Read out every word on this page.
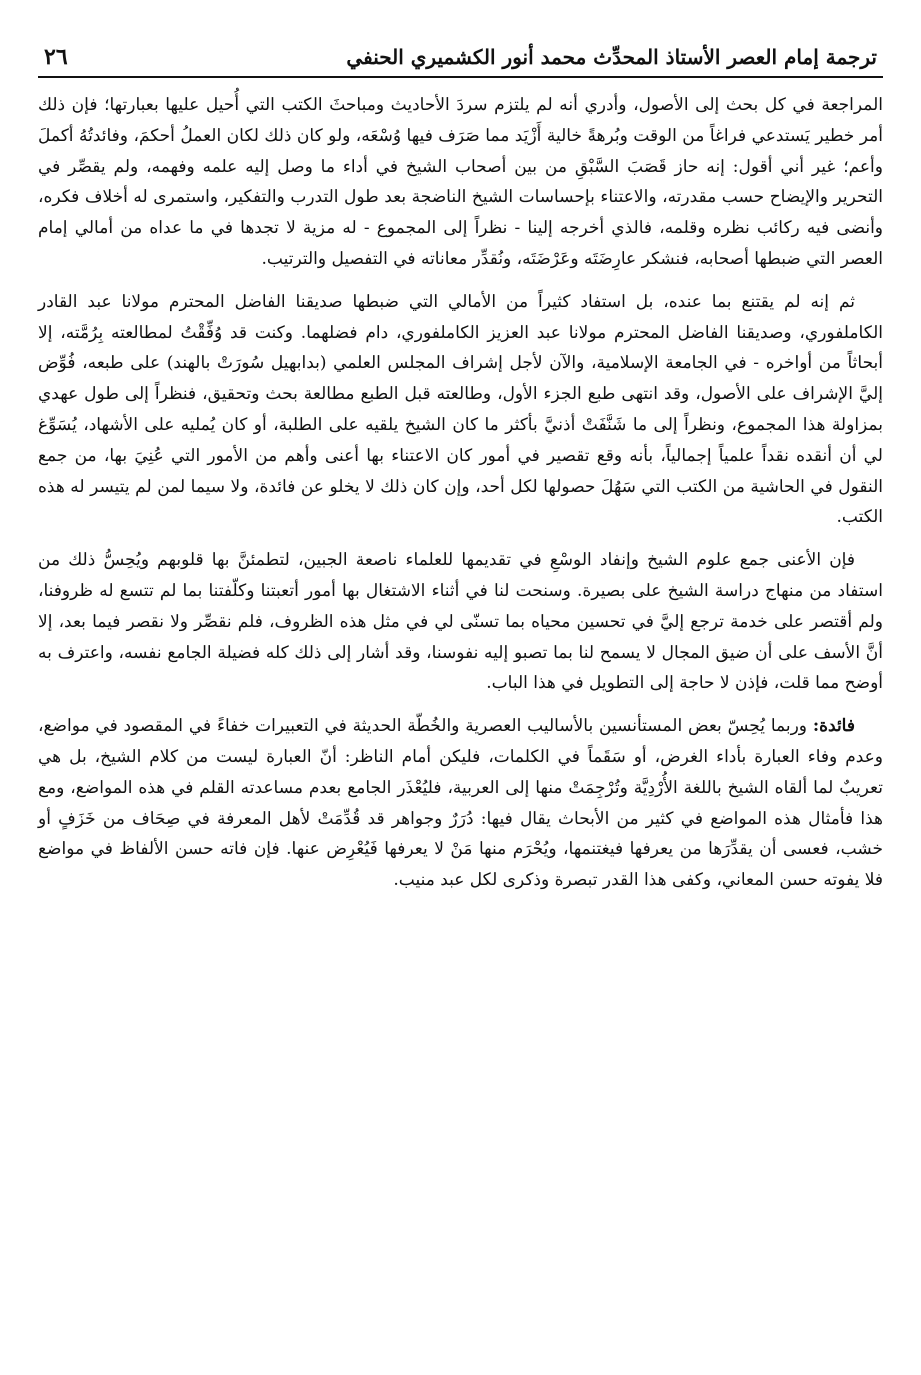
ترجمة إمام العصر الأستاذ المحدِّث محمد أنور الكشميري الحنفي
٢٦

المراجعة في كل بحث إلى الأصول، وأدري أنه لم يلتزم سردَ الأحاديث ومباحثَ الكتب التي أُحيل عليها بعبارتها؛ فإن ذلك أمر خطير يَستدعي فراغاً من الوقت وبُرهةً خالية أَزْيَد مما صَرَف فيها وُسْعَه، ولو كان ذلك لكان العملُ أحكمَ، وفائدتُهُ أكملَ وأعم؛ غير أني أقول: إنه حاز قَصَبَ السَّبْقِ من بين أصحاب الشيخ في أداء ما وصل إليه علمه وفهمه، ولم يقصِّر في التحرير والإيضاح حسب مقدرته، والاعتناء بإحساسات الشيخ الناضجة بعد طول التدرب والتفكير، واستمرى له أخلاف فكره، وأنضى فيه ركائب نظره وقلمه، فالذي أخرجه إلينا - نظراً إلى المجموع - له مزية لا تجدها في ما عداه من أمالي إمام العصر التي ضبطها أصحابه، فنشكر عارِضَتَه وعَرْضَتَه، ونُقدِّر معاناته في التفصيل والترتيب.

ثم إنه لم يقتنع بما عنده، بل استفاد كثيراً من الأمالي التي ضبطها صديقنا الفاضل المحترم مولانا عبد القادر الكاملفوري، وصديقنا الفاضل المحترم مولانا عبد العزيز الكاملفوري، دام فضلهما. وكنت قد وُفِّقْتُ لمطالعته بِرُمَّته، إلا أبحاثاً من أواخره - في الجامعة الإسلامية، والآن لأجل إشراف المجلس العلمي (بدابهيل سُورَتْ بالهند) على طبعه، فُوِّض إليَّ الإشراف على الأصول، وقد انتهى طبع الجزء الأول، وطالعته قبل الطبع مطالعة بحث وتحقيق، فنظراً إلى طول عهدي بمزاولة هذا المجموع، ونظراً إلى ما شَنَّفَتْ أذنيَّ بأكثر ما كان الشيخ يلقيه على الطلبة، أو كان يُمليه على الأشهاد، يُسَوِّغ لي أن أنقده نقداً علمياً إجمالياً، بأنه وقع تقصير في أمور كان الاعتناء بها أعنى وأهم من الأمور التي عُنِيَ بها، من جمع النقول في الحاشية من الكتب التي سَهُلَ حصولها لكل أحد، وإن كان ذلك لا يخلو عن فائدة، ولا سيما لمن لم يتيسر له هذه الكتب.

فإن الأعنى جمع علوم الشيخ وإنفاد الوسْعِ في تقديمها للعلماء ناصعة الجبين، لتطمئنَّ بها قلوبهم ويُحِسُّ ذلك من استفاد من منهاج دراسة الشيخ على بصيرة. وسنحت لنا في أثناء الاشتغال بها أمور أتعبتنا وكلّفتنا بما لم تتسع له ظروفنا، ولم أقتصر على خدمة ترجع إليَّ في تحسين محياه بما تسنّى لي في مثل هذه الظروف، فلم نقصِّر ولا نقصر فيما بعد، إلا أنَّ الأسف على أن ضيق المجال لا يسمح لنا بما تصبو إليه نفوسنا، وقد أشار إلى ذلك كله فضيلة الجامع نفسه، واعترف به أوضح مما قلت، فإذن لا حاجة إلى التطويل في هذا الباب.

فائدة: وربما يُحِسّ بعض المستأنسين بالأساليب العصرية والخُطّة الحديثة في التعبيرات خفاءً في المقصود في مواضع، وعدم وفاء العبارة بأداء الغرض، أو سَقَماً في الكلمات، فليكن أمام الناظر: أنّ العبارة ليست من كلام الشيخ، بل هي تعريبٌ لما ألقاه الشيخ باللغة الأُرْدِيَّة وتُرْجِمَتْ منها إلى العربية، فليُعْذَر الجامع بعدم مساعدته القلم في هذه المواضع، ومع هذا فأمثال هذه المواضع في كثير من الأبحاث يقال فيها: دُرَرٌ وجواهر قد قُدِّمَتْ لأهل المعرفة في صِحَاف من خَزَفٍ أو خشب، فعسى أن يقدِّرَها من يعرفها فيغتنمها، ويُحْرَم منها مَنْ لا يعرفها فَيُعْرِض عنها. فإن فاته حسن الألفاظ في مواضع فلا يفوته حسن المعاني، وكفى هذا القدر تبصرة وذكرى لكل عبد منيب.
